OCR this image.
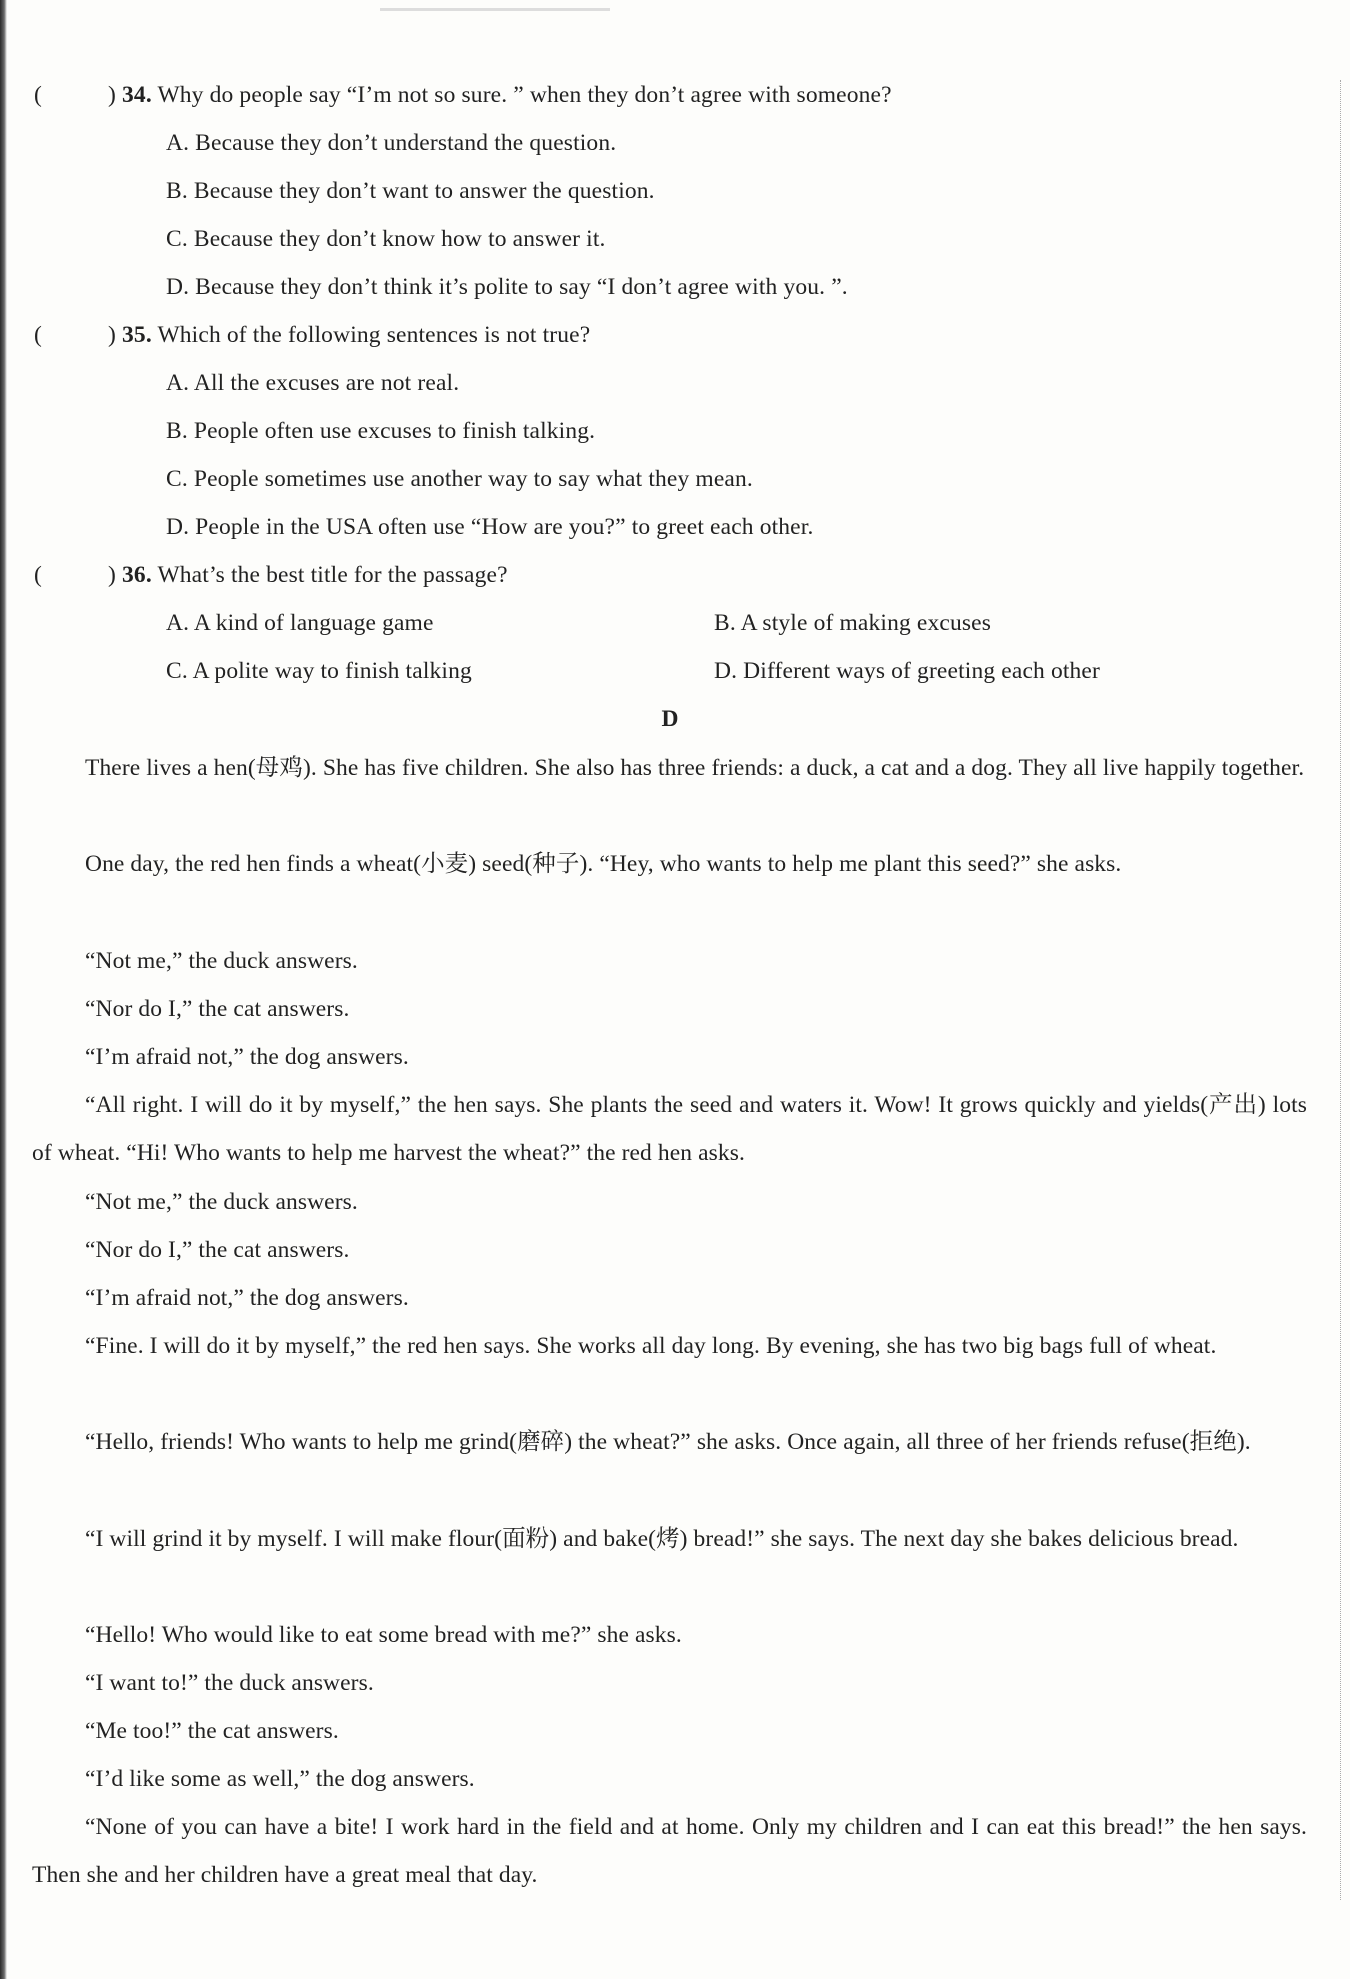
(	) 34. Why do people say “I’m not so sure. ” when they don’t agree with someone?
A. Because they don’t understand the question.
B. Because they don’t want to answer the question.
C. Because they don’t know how to answer it.
D. Because they don’t think it’s polite to say “I don’t agree with you. ”.
(	) 35. Which of the following sentences is not true?
A. All the excuses are not real.
B. People often use excuses to finish talking.
C. People sometimes use another way to say what they mean.
D. People in the USA often use “How are you?” to greet each other.
(	) 36. What’s the best title for the passage?
A. A kind of language game	B. A style of making excuses
C. A polite way to finish talking	D. Different ways of greeting each other
D
There lives a hen(母鸡). She has five children. She also has three friends: a duck, a cat and a dog. They all live happily together.
One day, the red hen finds a wheat(小麦) seed(种子). “Hey, who wants to help me plant this seed?” she asks.
“Not me,” the duck answers.
“Nor do I,” the cat answers.
“I’m afraid not,” the dog answers.
“All right. I will do it by myself,” the hen says. She plants the seed and waters it. Wow! It grows quickly and yields(产出) lots of wheat. “Hi! Who wants to help me harvest the wheat?” the red hen asks.
“Not me,” the duck answers.
“Nor do I,” the cat answers.
“I’m afraid not,” the dog answers.
“Fine. I will do it by myself,” the red hen says. She works all day long. By evening, she has two big bags full of wheat.
“Hello, friends! Who wants to help me grind(磨碎) the wheat?” she asks. Once again, all three of her friends refuse(拒绝).
“I will grind it by myself. I will make flour(面粉) and bake(烤) bread!” she says. The next day she bakes delicious bread.
“Hello! Who would like to eat some bread with me?” she asks.
“I want to!” the duck answers.
“Me too!” the cat answers.
“I’d like some as well,” the dog answers.
“None of you can have a bite! I work hard in the field and at home. Only my children and I can eat this bread!” the hen says. Then she and her children have a great meal that day.
